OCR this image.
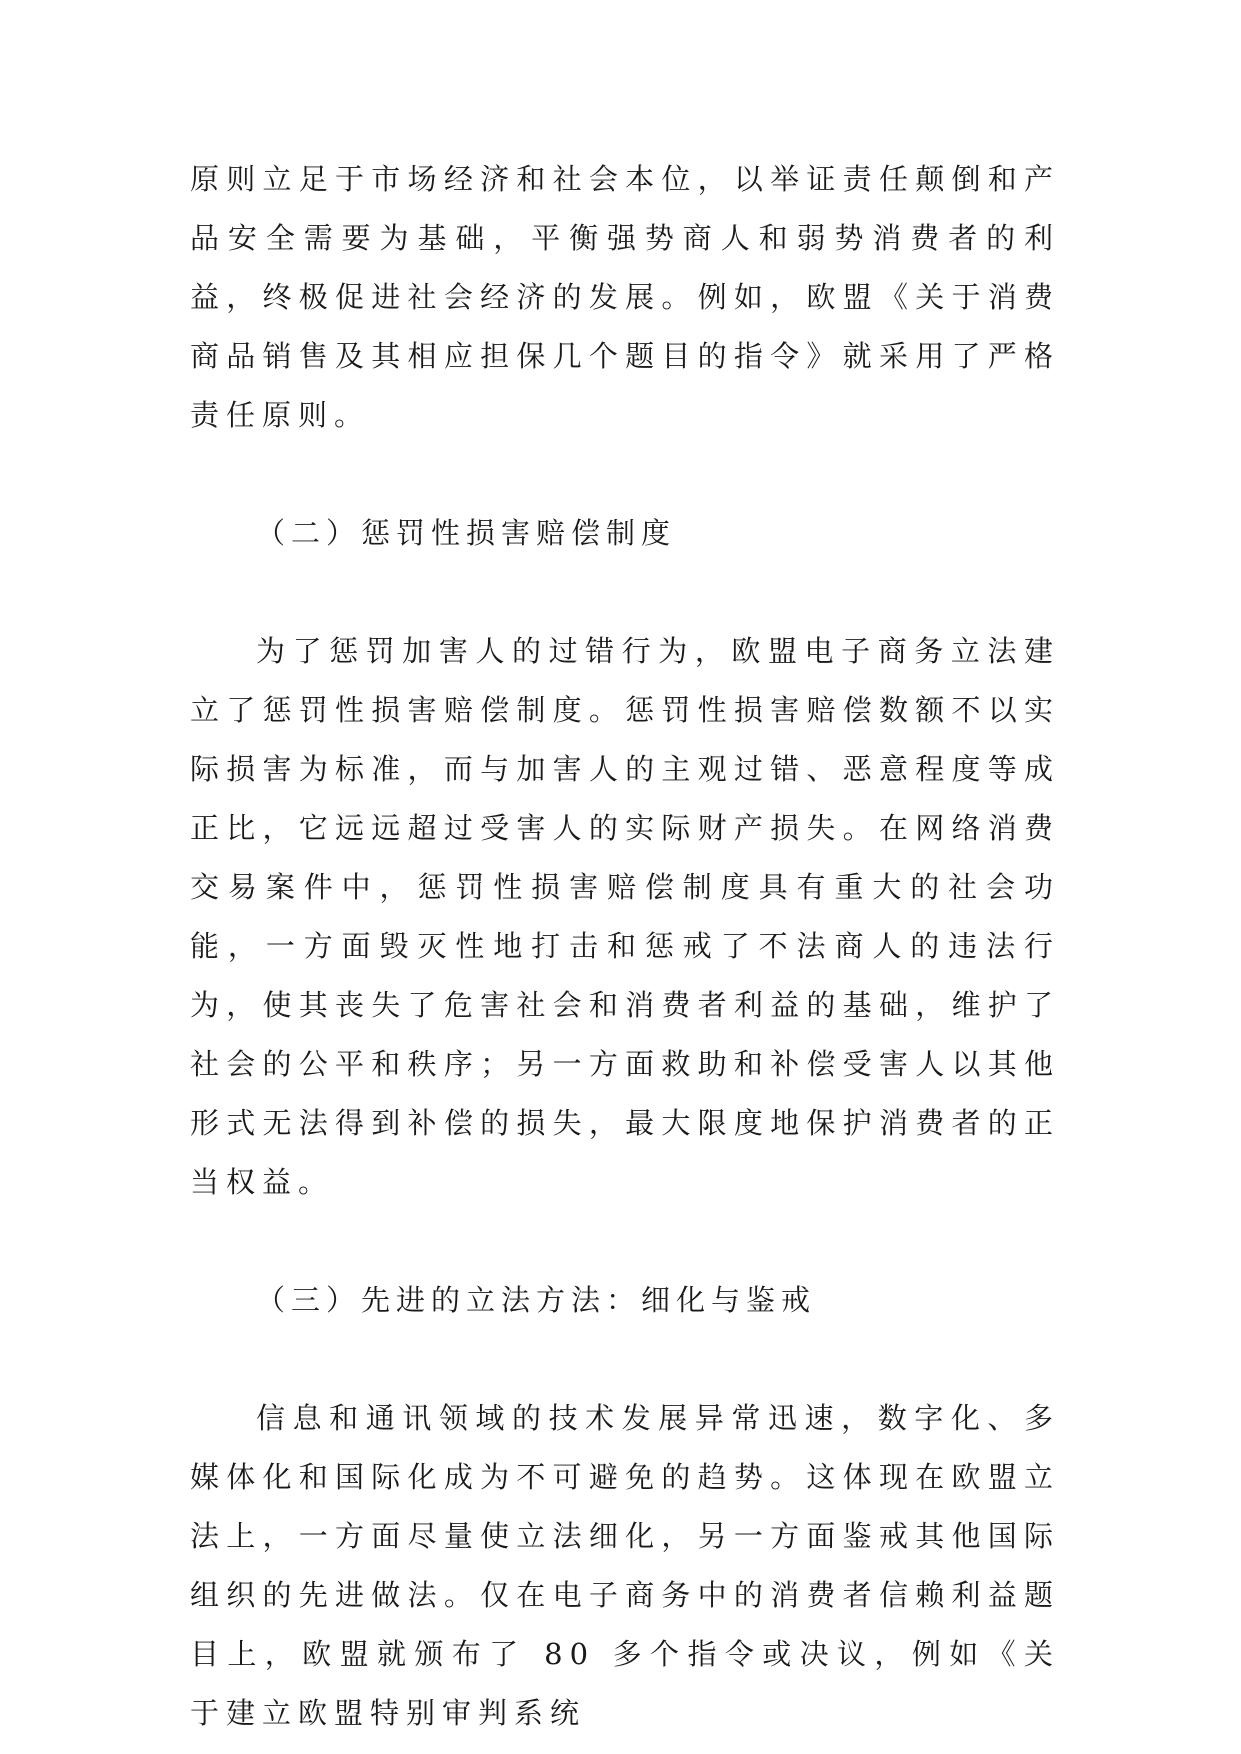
原则立足于市场经济和社会本位，以举证责任颠倒和产品安全需要为基础，平衡强势商人和弱势消费者的利益，终极促进社会经济的发展。例如，欧盟《关于消费商品销售及其相应担保几个题目的指令》就采用了严格责任原则。

（二）惩罚性损害赔偿制度

为了惩罚加害人的过错行为，欧盟电子商务立法建立了惩罚性损害赔偿制度。惩罚性损害赔偿数额不以实际损害为标准，而与加害人的主观过错、恶意程度等成正比，它远远超过受害人的实际财产损失。在网络消费交易案件中，惩罚性损害赔偿制度具有重大的社会功能，一方面毁灭性地打击和惩戒了不法商人的违法行为，使其丧失了危害社会和消费者利益的基础，维护了社会的公平和秩序；另一方面救助和补偿受害人以其他形式无法得到补偿的损失，最大限度地保护消费者的正当权益。

（三）先进的立法方法：细化与鉴戒

信息和通讯领域的技术发展异常迅速，数字化、多媒体化和国际化成为不可避免的趋势。这体现在欧盟立法上，一方面尽量使立法细化，另一方面鉴戒其他国际组织的先进做法。仅在电子商务中的消费者信赖利益题目上，欧盟就颁布了 80 多个指令或决议，例如《关于建立欧盟特别审判系统
